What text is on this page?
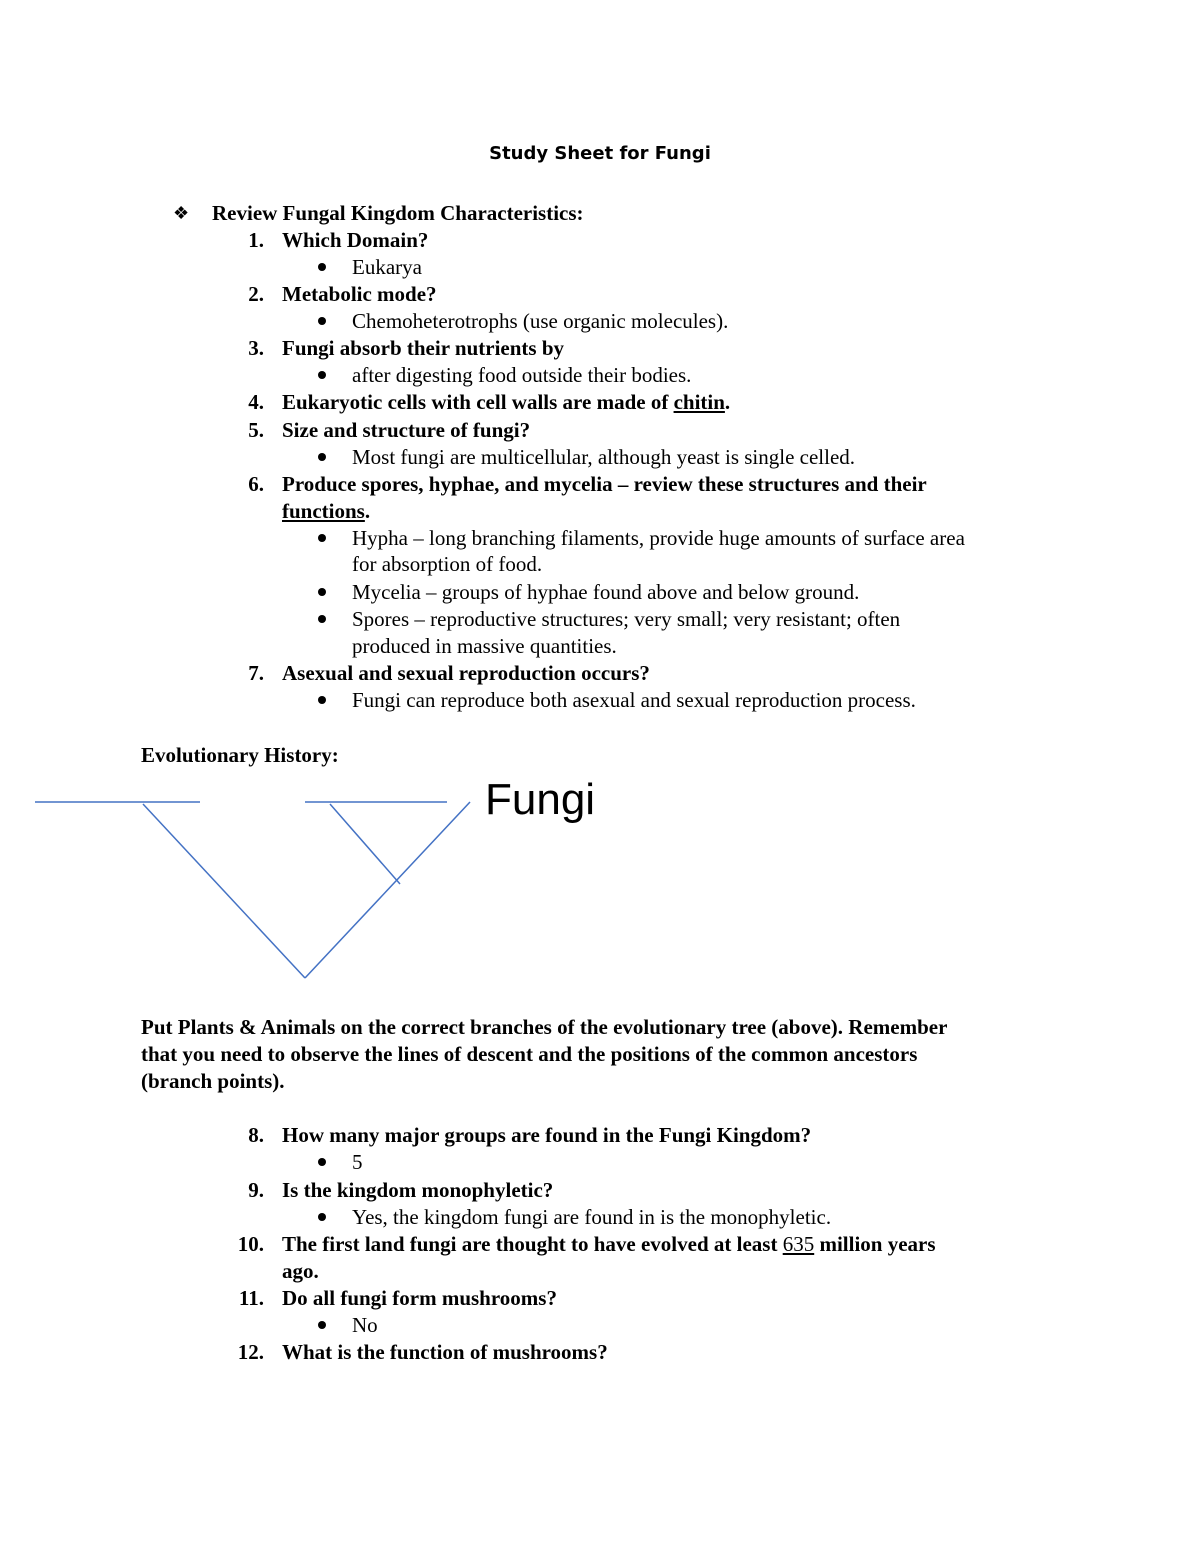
Study Sheet for Fungi
❖	Review Fungal Kingdom Characteristics:
1. Which Domain?
Eukarya
2. Metabolic mode?
Chemoheterotrophs (use organic molecules).
3. Fungi absorb their nutrients by
after digesting food outside their bodies.
4. Eukaryotic cells with cell walls are made of chitin.
5. Size and structure of fungi?
Most fungi are multicellular, although yeast is single celled.
6. Produce spores, hyphae, and mycelia – review these structures and their
functions.
Hypha – long branching filaments, provide huge amounts of surface area
for absorption of food.
Mycelia – groups of hyphae found above and below ground.
Spores – reproductive structures; very small; very resistant; often
produced in massive quantities.
7. Asexual and sexual reproduction occurs?
Fungi can reproduce both asexual and sexual reproduction process.
Evolutionary History:
Fungi
Put Plants & Animals on the correct branches of the evolutionary tree (above). Remember
that you need to observe the lines of descent and the positions of the common ancestors
(branch points).
8. How many major groups are found in the Fungi Kingdom?
5
9. Is the kingdom monophyletic?
Yes, the kingdom fungi are found in is the monophyletic.
10. The first land fungi are thought to have evolved at least 635 million years
ago.
11. Do all fungi form mushrooms?
No
12. What is the function of mushrooms?
